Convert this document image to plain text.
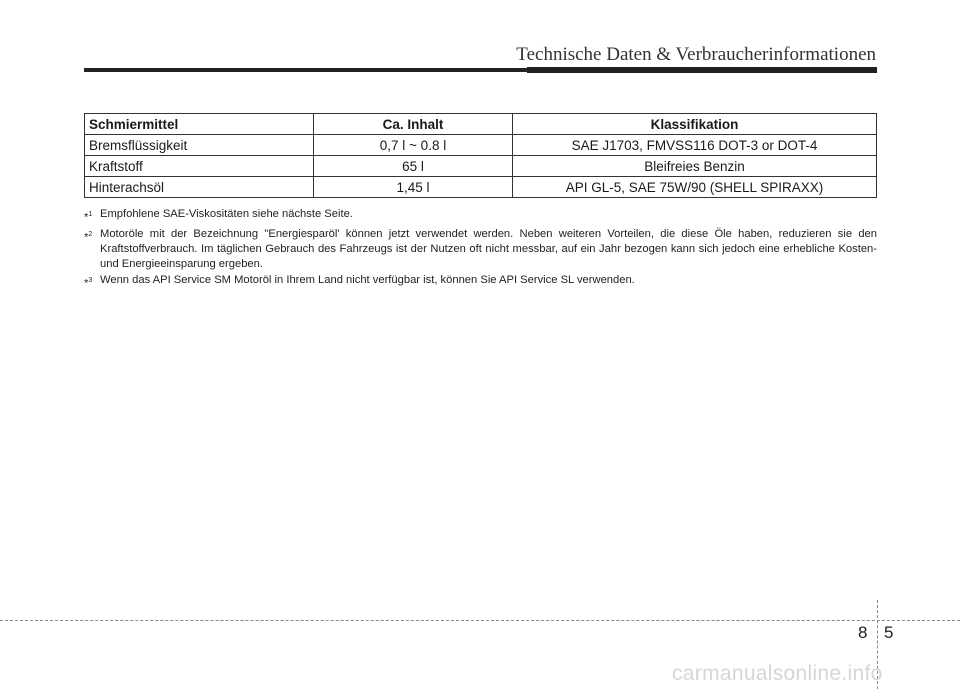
Technische Daten & Verbraucherinformationen
Schmiermittel	Ca. Inhalt	Klassifikation
Bremsflüssigkeit	0,7 l ~ 0.8 l	SAE J1703, FMVSS116 DOT-3 or DOT-4
Kraftstoff	65 l	Bleifreies Benzin
Hinterachsöl	1,45 l	API GL-5, SAE 75W/90 (SHELL SPIRAXX)
*$^1$ Empfohlene SAE-Viskositäten siehe nächste Seite.
*$^2$ Motoröle mit der Bezeichnung "Energiesparöl' können jetzt verwendet werden. Neben weiteren Vorteilen, die diese Öle haben, reduzieren sie den Kraftstoffverbrauch. Im täglichen Gebrauch des Fahrzeugs ist der Nutzen oft nicht messbar, auf ein Jahr bezogen kann sich jedoch eine erhebliche Kosten- und Energieeinsparung ergeben.
*$^3$ Wenn das API Service SM Motoröl in Ihrem Land nicht verfügbar ist, können Sie API Service SL verwenden.
8 5
carmanualsonline.info
